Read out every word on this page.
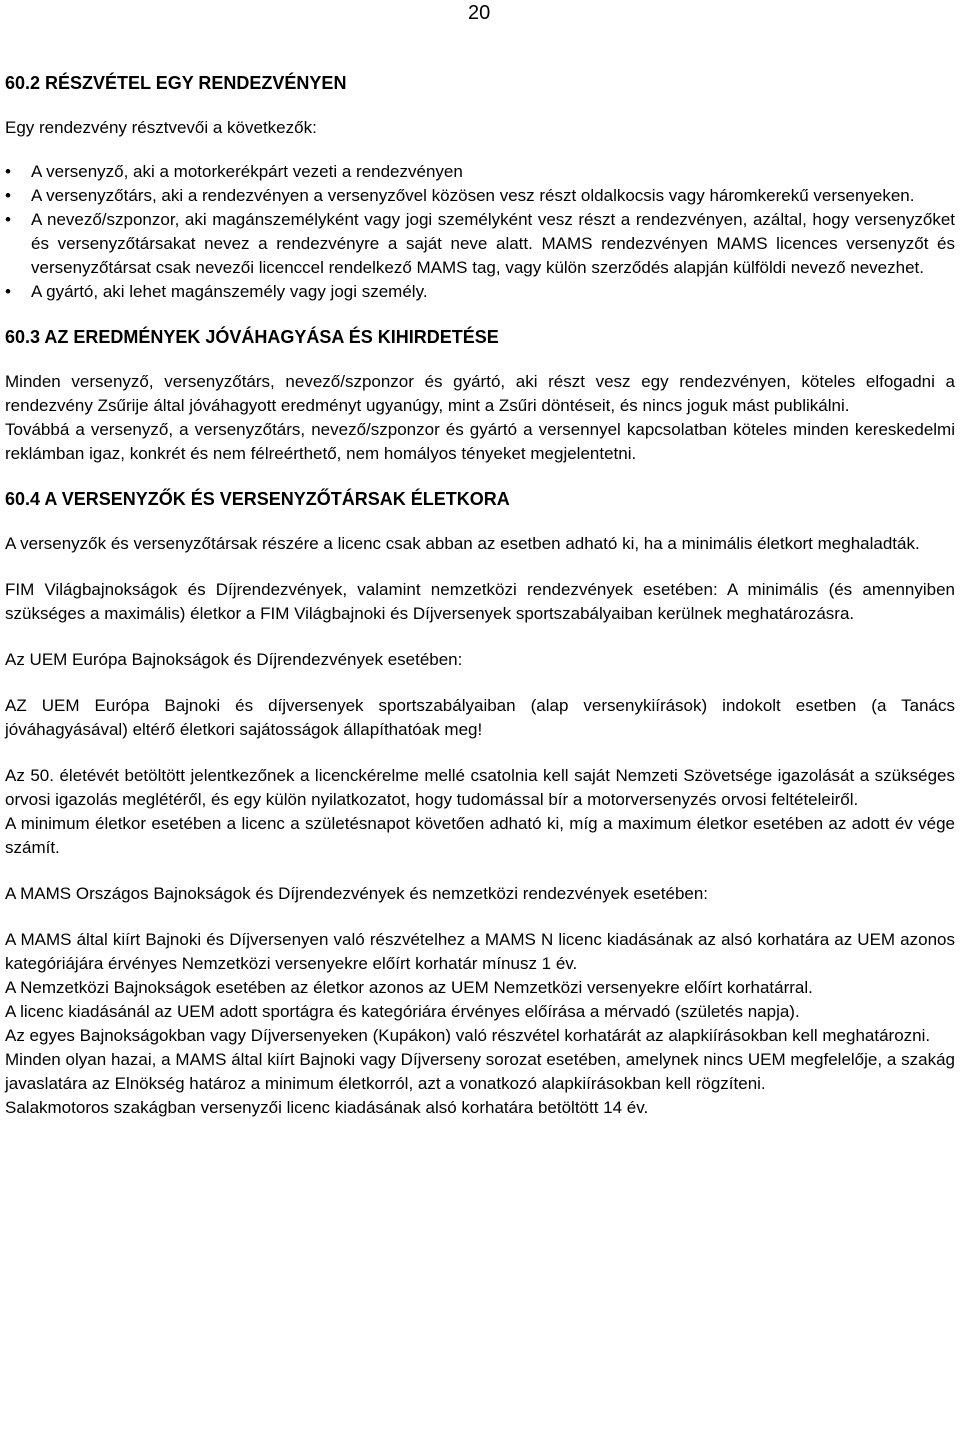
20
60.2 RÉSZVÉTEL EGY RENDEZVÉNYEN

Egy rendezvény résztvevői a következők:

• A versenyző, aki a motorkerékpárt vezeti a rendezvényen
• A versenyzőtárs, aki a rendezvényen a versenyzővel közösen vesz részt oldalkocsis vagy háromkerekű versenyeken.
• A nevező/szponzor, aki magánszemélyként vagy jogi személyként vesz részt a rendezvényen, azáltal, hogy versenyzőket és versenyzőtársakat nevez a rendezvényre a saját neve alatt. MAMS rendezvényen MAMS licences versenyzőt és versenyzőtársat csak nevezői licenccel rendelkező MAMS tag, vagy külön szerződés alapján külföldi nevező nevezhet.
• A gyártó, aki lehet magánszemély vagy jogi személy.
60.3 AZ EREDMÉNYEK JÓVÁHAGYÁSA ÉS KIHIRDETÉSE

Minden versenyző, versenyzőtárs, nevező/szponzor és gyártó, aki részt vesz egy rendezvényen, köteles elfogadni a rendezvény Zsűrije által jóváhagyott eredményt ugyanúgy, mint a Zsűri döntéseit, és nincs joguk mást publikálni.

Továbbá a versenyző, a versenyzőtárs, nevező/szponzor és gyártó a versennyel kapcsolatban köteles minden kereskedelmi reklámban igaz, konkrét és nem félreérthető, nem homályos tényeket megjelentetni.

60.4 A VERSENYZŐK ÉS VERSENYZŐTÁRSAK ÉLETKORA

A versenyzők és versenyzőtársak részére a licenc csak abban az esetben adható ki, ha a minimális életkort meghaladták.

FIM Világbajnokságok és Díjrendezvények, valamint nemzetközi rendezvények esetében: A minimális (és amennyiben szükséges a maximális) életkor a FIM Világbajnoki és Díjversenyek sportszabályaiban kerülnek meghatározásra.

Az UEM Európa Bajnokságok és Díjrendezvények esetében:

AZ UEM Európa Bajnoki és díjversenyek sportszabályaiban (alap versenykiírások) indokolt esetben (a Tanács jóváhagyásával) eltérő életkori sajátosságok állapíthatóak meg!

Az 50. életévét betöltött jelentkezőnek a licenckérelme mellé csatolnia kell saját Nemzeti Szövetsége igazolását a szükséges orvosi igazolás meglétéről, és egy külön nyilatkozatot, hogy tudomással bír a motorversenyzés orvosi feltételeiről.

A minimum életkor esetében a licenc a születésnapot követően adható ki, míg a maximum életkor esetében az adott év vége számít.

A MAMS Országos Bajnokságok és Díjrendezvények és nemzetközi rendezvények esetében:

A MAMS által kiírt Bajnoki és Díjversenyen való részvételhez a MAMS N licenc kiadásának az alsó korhatára az UEM azonos kategóriájára érvényes Nemzetközi versenyekre előírt korhatár mínusz 1 év.

A Nemzetközi Bajnokságok esetében az életkor azonos az UEM Nemzetközi versenyekre előírt korhatárral.

A licenc kiadásánál az UEM adott sportágra és kategóriára érvényes előírása a mérvadó (születés napja).

Az egyes Bajnokságokban vagy Díjversenyeken (Kupákon) való részvétel korhatárát az alapkiírásokban kell meghatározni.

Minden olyan hazai, a MAMS által kiírt Bajnoki vagy Díjverseny sorozat esetében, amelynek nincs UEM megfelelője, a szakág javaslatára az Elnökség határoz a minimum életkorról, azt a vonatkozó alapkiírásokban kell rögzíteni.

Salakmotoros szakágban versenyzői licenc kiadásának alsó korhatára betöltött 14 év.
